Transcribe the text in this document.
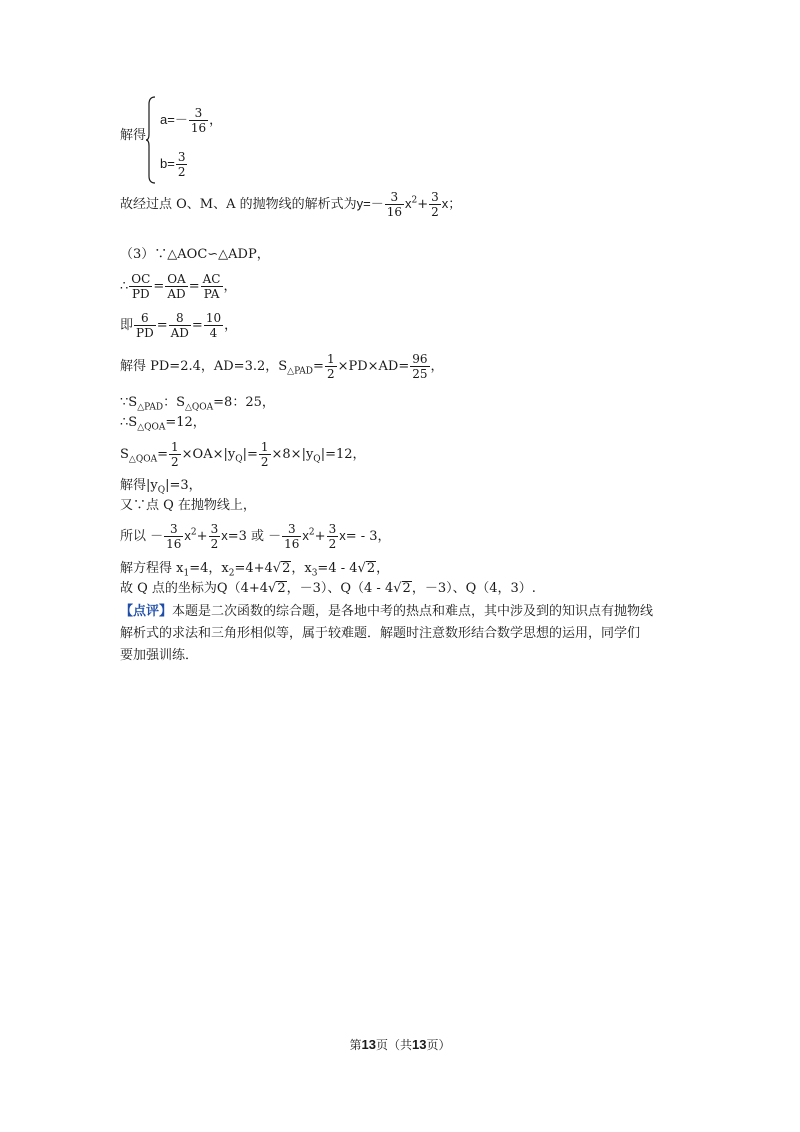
解得
$a=- \frac{3}{16}$ ，
$b= \frac{3}{2}$
故经过点 O、M、A 的抛物线的解析式为$y=- \frac{3}{16} x^2+ \frac{3}{2}$ x；
（3）∵△AOC∽△ADP，
∴ $\frac{OC}{PD} = \frac{OA}{AD} = \frac{AC}{PA}$ ，
即 $\frac{6}{PD} = \frac{8}{AD} = \frac{10}{4}$ ，
解得 PD=2.4，AD=3.2，$S_{\triangle PAD}= \frac{1}{2} \times PD\times AD= \frac{96}{25}$ ，
$\because S_{\triangle PAD}$：$S_{\triangle QOA}=8$：25，
$\therefore S_{\triangle QOA}=12$，
$S_{\triangle QOA}= \frac{1}{2} \times OA\times|y_Q|= \frac{1}{2} \times 8\times|y_Q|=12$，
解得$|y_Q|=3$，
又∵点 Q 在抛物线上，
所以 － $\frac{3}{16} x^2+ \frac{3}{2} x=3$ 或 － $\frac{3}{16} x^2+ \frac{3}{2} x= - 3$，
解方程得 $x_1=4$，$x_2=4+4√2$，$x_3=4 - 4√2$，
故 Q 点的坐标为Q（4+4√2，－3）、Q（4 - 4√2，－3）、Q（4，3）.
【点评】本题是二次函数的综合题，是各地中考的热点和难点，其中涉及到的知识点有抛物线
解析式的求法和三角形相似等，属于较难题．解题时注意数形结合数学思想的运用，同学们
要加强训练．
第13页（共13页）
